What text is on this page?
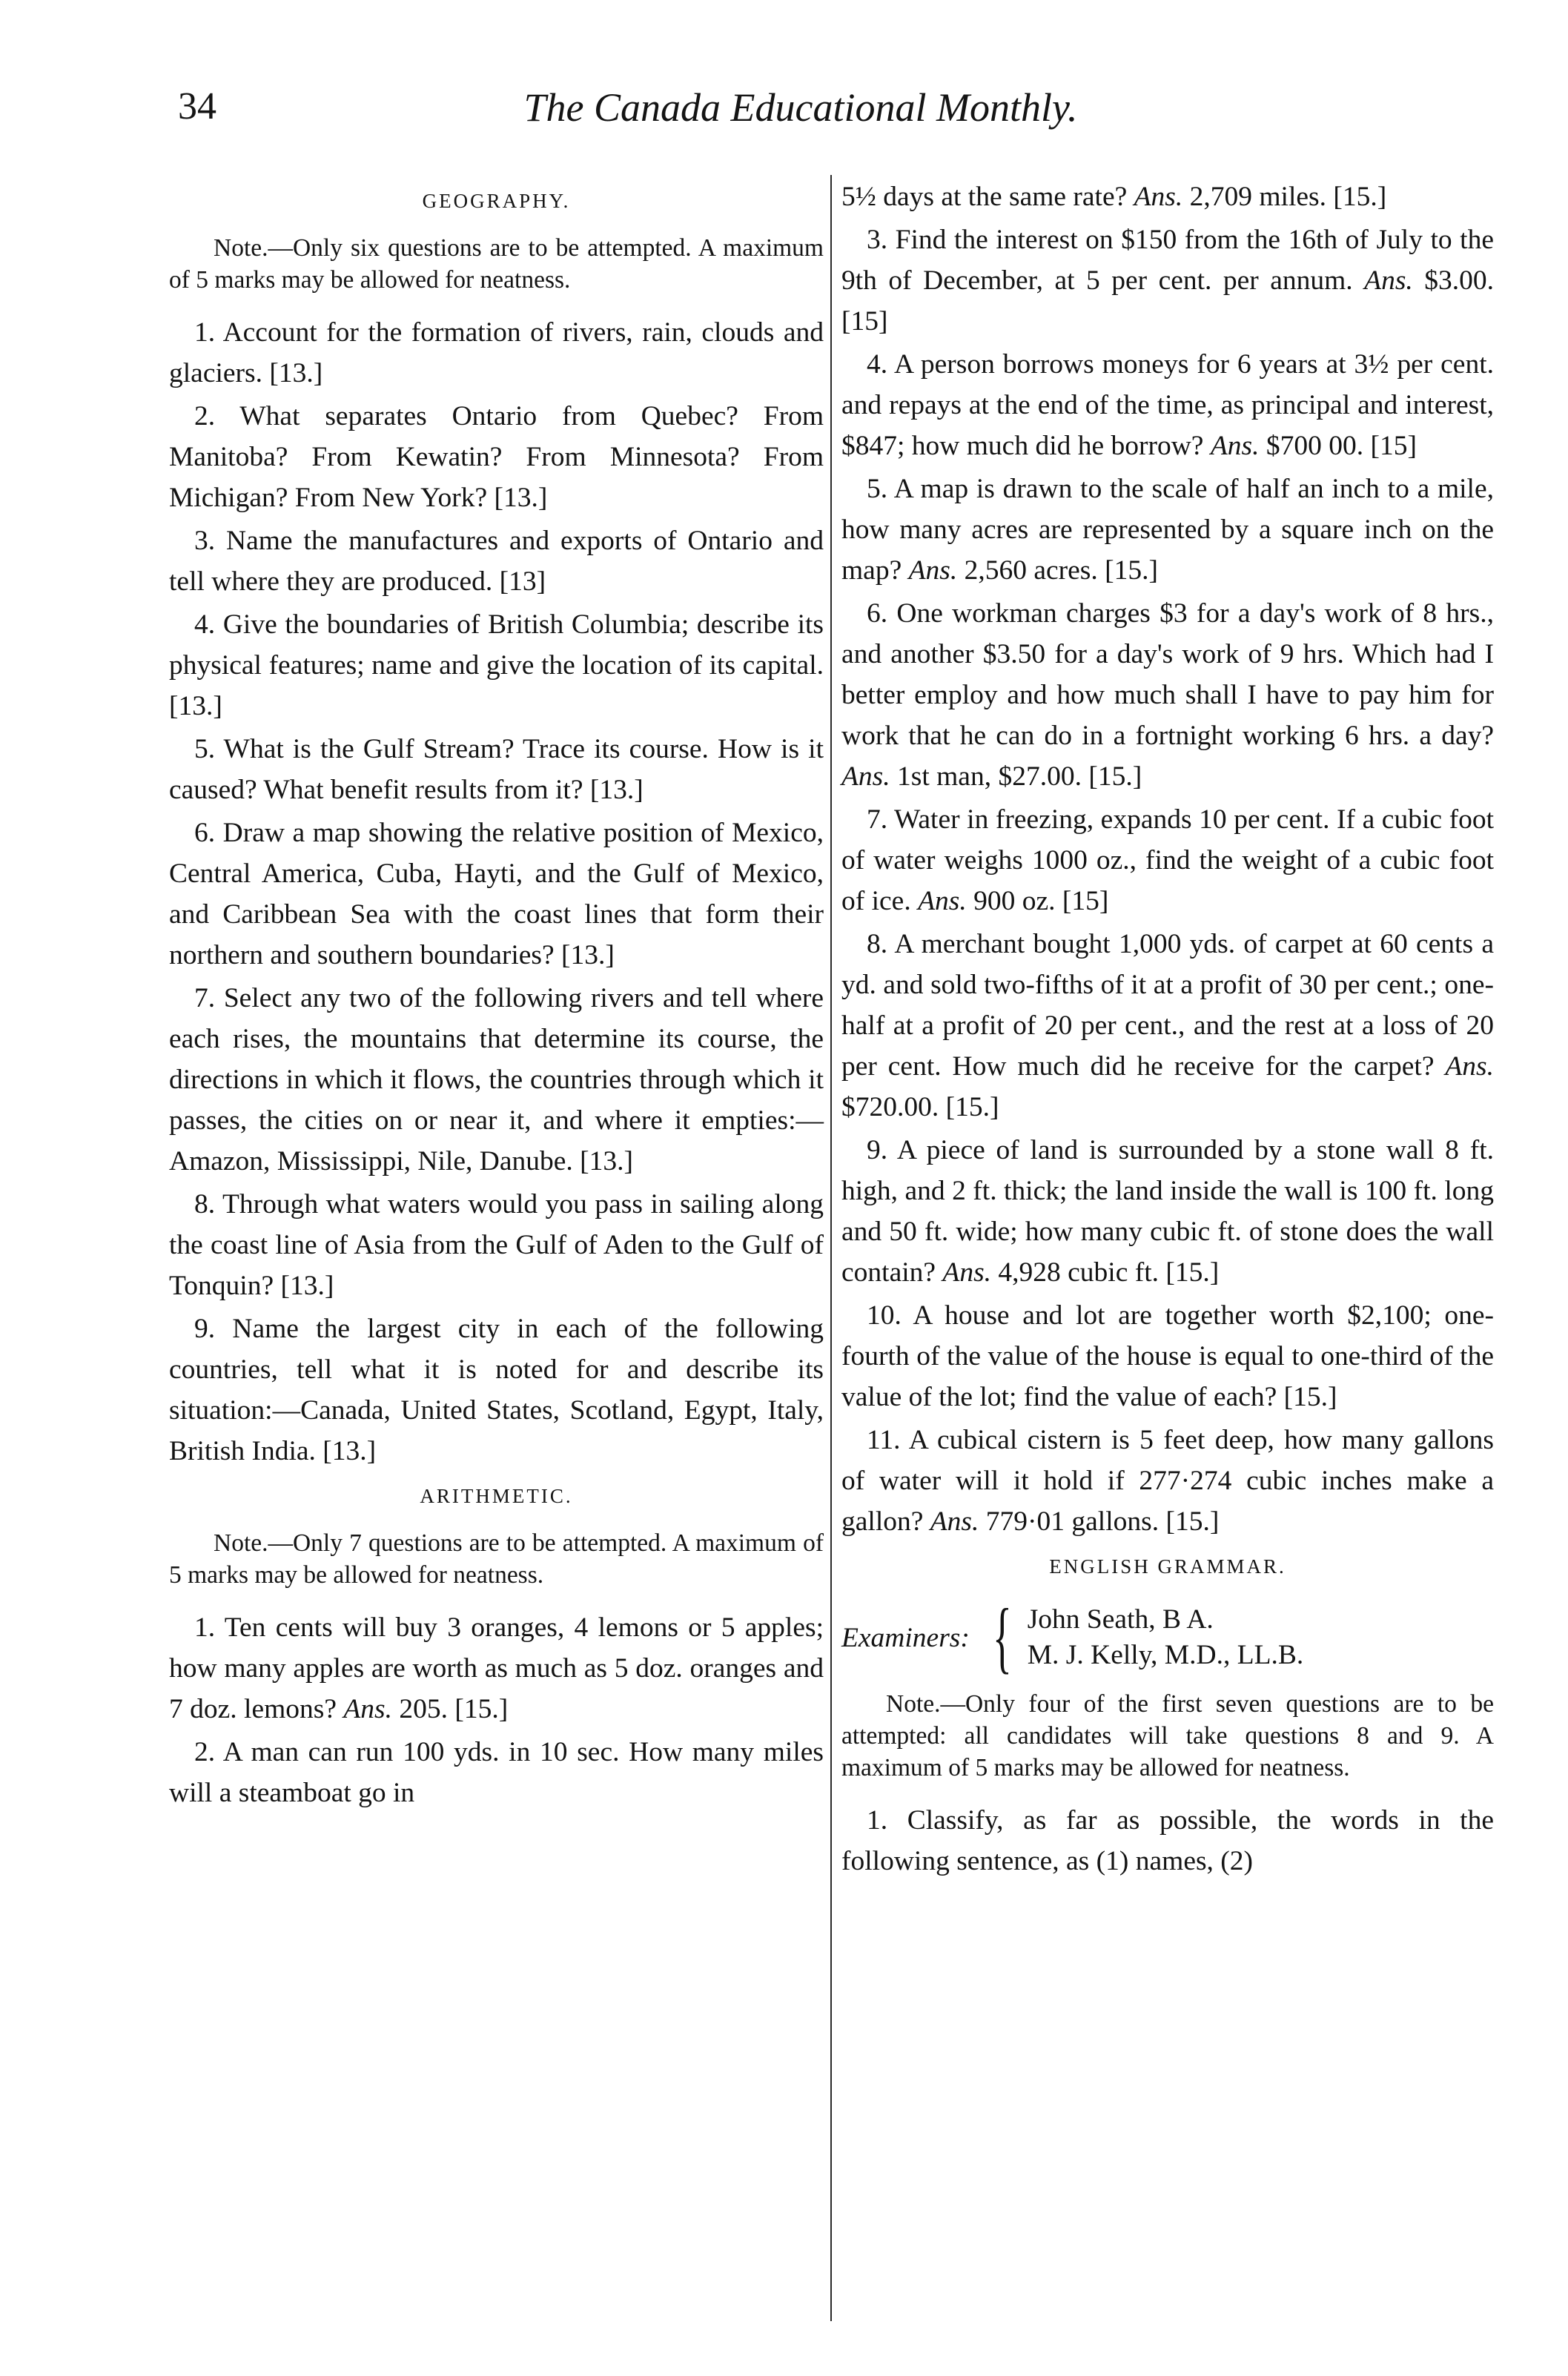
34	The Canada Educational Monthly.
GEOGRAPHY.

Note.—Only six questions are to be attempted. A maximum of 5 marks may be allowed for neatness.

1. Account for the formation of rivers, rain, clouds and glaciers. [13.]

2. What separates Ontario from Quebec? From Manitoba? From Kewatin? From Minnesota? From Michigan? From New York? [13.]

3. Name the manufactures and exports of Ontario and tell where they are produced. [13]

4. Give the boundaries of British Columbia; describe its physical features; name and give the location of its capital. [13.]

5. What is the Gulf Stream? Trace its course. How is it caused? What benefit results from it? [13.]

6. Draw a map showing the relative position of Mexico, Central America, Cuba, Hayti, and the Gulf of Mexico, and Caribbean Sea with the coast lines that form their northern and southern boundaries? [13.]

7. Select any two of the following rivers and tell where each rises, the mountains that determine its course, the directions in which it flows, the countries through which it passes, the cities on or near it, and where it empties:—Amazon, Mississippi, Nile, Danube. [13.]

8. Through what waters would you pass in sailing along the coast line of Asia from the Gulf of Aden to the Gulf of Tonquin? [13.]

9. Name the largest city in each of the following countries, tell what it is noted for and describe its situation:—Canada, United States, Scotland, Egypt, Italy, British India. [13.]

ARITHMETIC.

Note.—Only 7 questions are to be attempted. A maximum of 5 marks may be allowed for neatness.

1. Ten cents will buy 3 oranges, 4 lemons or 5 apples; how many apples are worth as much as 5 doz. oranges and 7 doz. lemons? Ans. 205. [15.]

2. A man can run 100 yds. in 10 sec. How many miles will a steamboat go in

5½ days at the same rate? Ans. 2,709 miles. [15.]

3. Find the interest on $150 from the 16th of July to the 9th of December, at 5 per cent. per annum. Ans. $3.00. [15]

4. A person borrows moneys for 6 years at 3½ per cent. and repays at the end of the time, as principal and interest, $847; how much did he borrow? Ans. $700 00. [15]

5. A map is drawn to the scale of half an inch to a mile, how many acres are represented by a square inch on the map? Ans. 2,560 acres. [15.]

6. One workman charges $3 for a day's work of 8 hrs., and another $3.50 for a day's work of 9 hrs. Which had I better employ and how much shall I have to pay him for work that he can do in a fortnight working 6 hrs. a day? Ans. 1st man, $27.00. [15.]

7. Water in freezing, expands 10 per cent. If a cubic foot of water weighs 1000 oz., find the weight of a cubic foot of ice. Ans. 900 oz. [15]

8. A merchant bought 1,000 yds. of carpet at 60 cents a yd. and sold two-fifths of it at a profit of 30 per cent.; one-half at a profit of 20 per cent., and the rest at a loss of 20 per cent. How much did he receive for the carpet? Ans. $720.00. [15.]

9. A piece of land is surrounded by a stone wall 8 ft. high, and 2 ft. thick; the land inside the wall is 100 ft. long and 50 ft. wide; how many cubic ft. of stone does the wall contain? Ans. 4,928 cubic ft. [15.]

10. A house and lot are together worth $2,100; one-fourth of the value of the house is equal to one-third of the value of the lot; find the value of each? [15.]

11. A cubical cistern is 5 feet deep, how many gallons of water will it hold if 277·274 cubic inches make a gallon? Ans. 779·01 gallons. [15.]

ENGLISH GRAMMAR.
Examiners: { John Seath, B A.
M. J. Kelly, M.D., LL.B.

Note.—Only four of the first seven questions are to be attempted: all candidates will take questions 8 and 9. A maximum of 5 marks may be allowed for neatness.

1. Classify, as far as possible, the words in the following sentence, as (1) names, (2)
